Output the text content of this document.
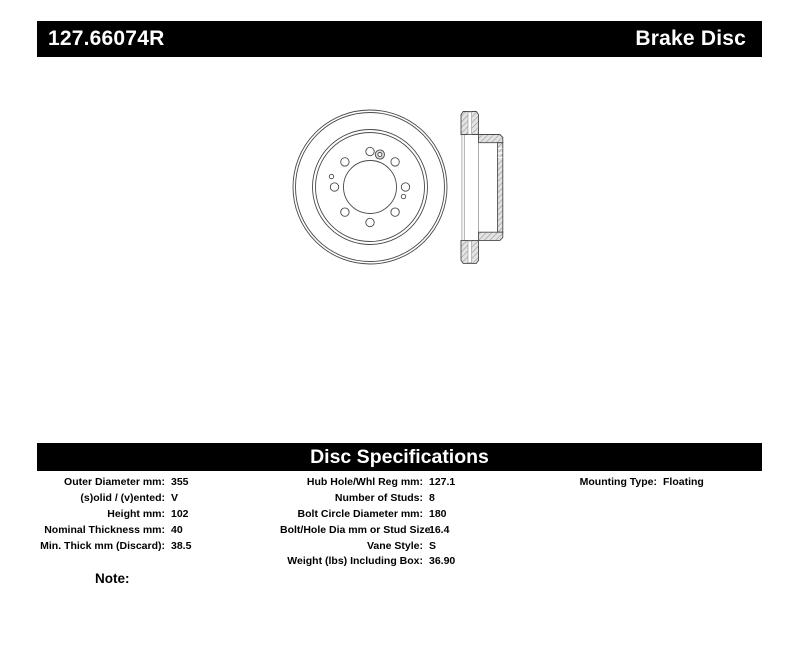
127.66074R	Brake Disc
Disc Specifications
Outer Diameter mm: 355
(s)olid / (v)ented: V
Height mm: 102
Nominal Thickness mm: 40
Min. Thick mm (Discard): 38.5
Hub Hole/Whl Reg mm: 127.1
Number of Studs: 8
Bolt Circle Diameter mm: 180
Bolt/Hole Dia mm or Stud Size:
16.4
Vane Style: S
Weight (lbs) Including Box: 36.90
Mounting Type: Floating
Note:
